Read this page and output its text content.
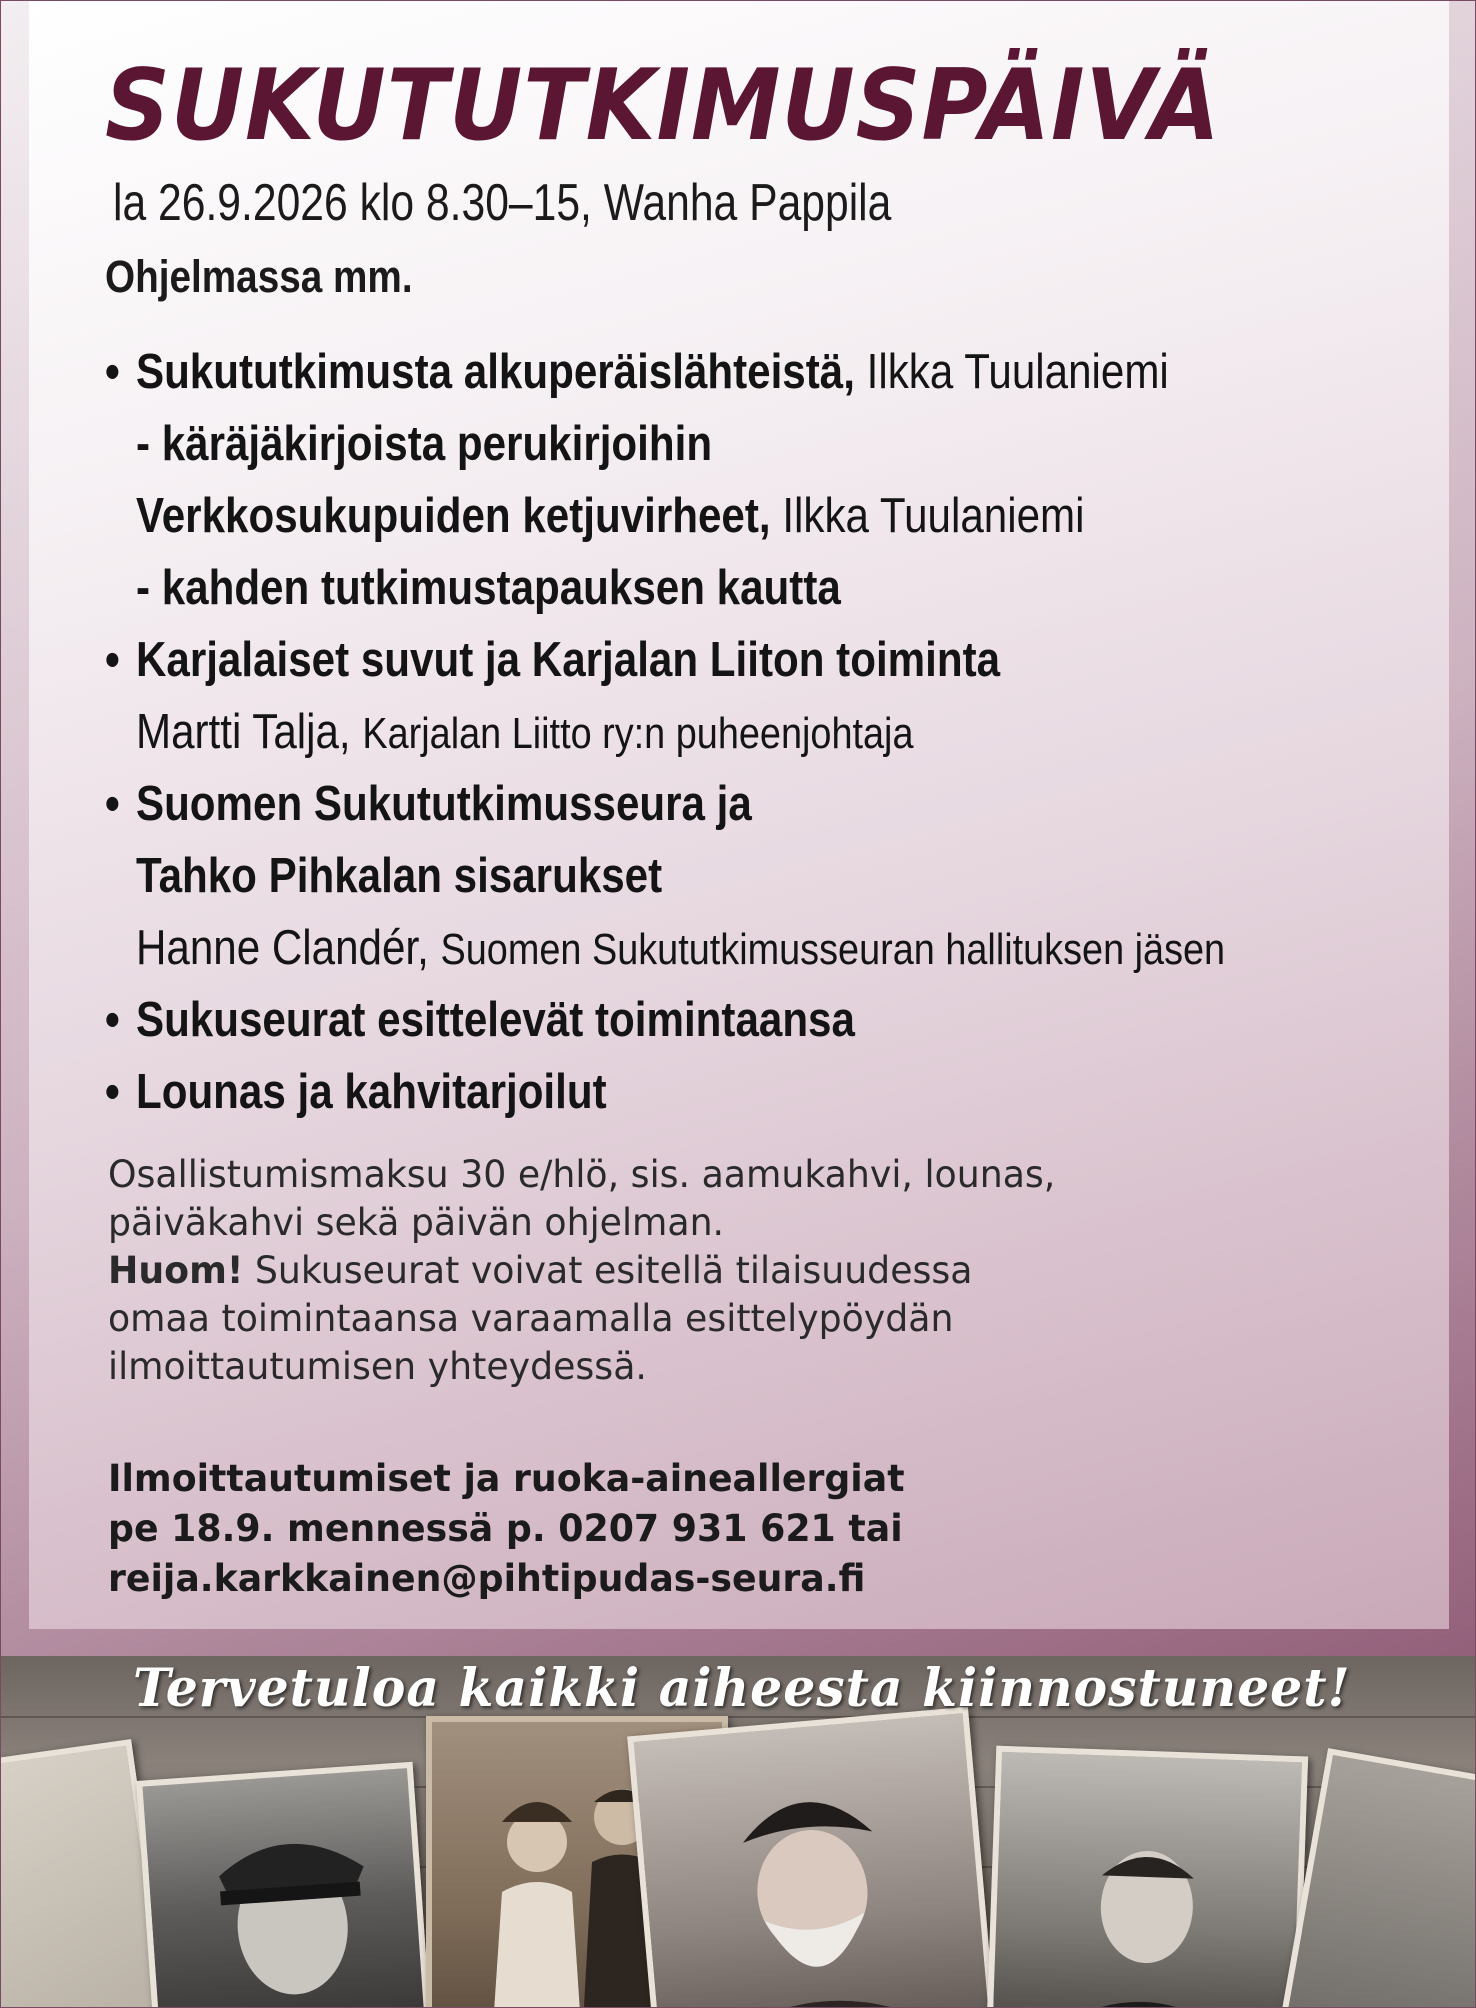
SUKUTUTKIMUSPÄIVÄ
la 26.9.2026 klo 8.30–15, Wanha Pappila
Ohjelmassa mm.
• Sukututkimusta alkuperäislähteistä, Ilkka Tuulaniemi
- käräjäkirjoista perukirjoihin
Verkkosukupuiden ketjuvirheet, Ilkka Tuulaniemi
- kahden tutkimustapauksen kautta
• Karjalaiset suvut ja Karjalan Liiton toiminta
Martti Talja, Karjalan Liitto ry:n puheenjohtaja
• Suomen Sukututkimusseura ja
Tahko Pihkalan sisarukset
Hanne Clandér, Suomen Sukututkimusseuran hallituksen jäsen
• Sukuseurat esittelevät toimintaansa
• Lounas ja kahvitarjoilut
Osallistumismaksu 30 e/hlö, sis. aamukahvi, lounas,
päiväkahvi sekä päivän ohjelman.
Huom! Sukuseurat voivat esitellä tilaisuudessa
omaa toimintaansa varaamalla esittelypöydän
ilmoittautumisen yhteydessä.
Ilmoittautumiset ja ruoka-aineallergiat
pe 18.9. mennessä p. 0207 931 621 tai
reija.karkkainen@pihtipudas-seura.fi
Tervetuloa kaikki aiheesta kiinnostuneet!
